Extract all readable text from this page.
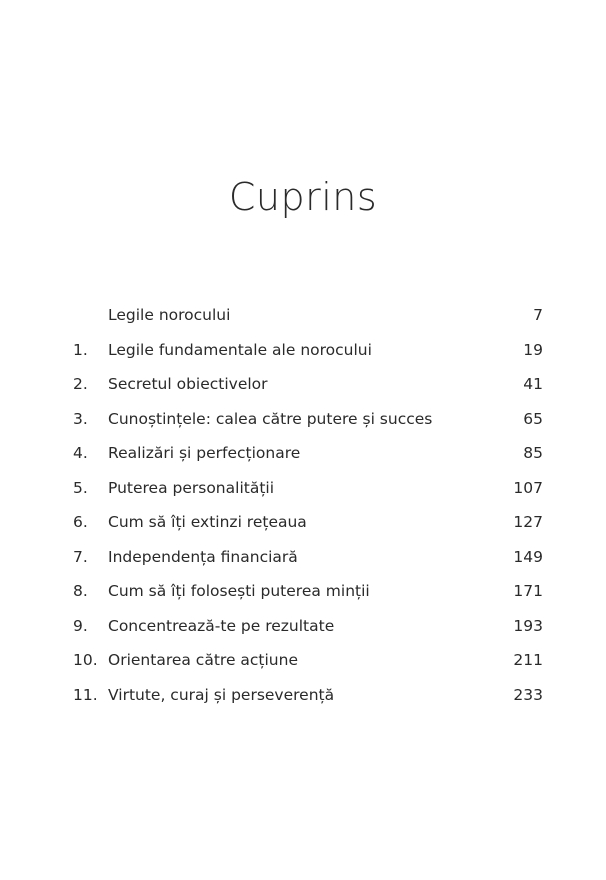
Cuprins
Legile norocului	7
1. Legile fundamentale ale norocului	19
2. Secretul obiectivelor	41
3. Cunoștințele: calea către putere și succes	65
4. Realizări și perfecționare	85
5. Puterea personalității	107
6. Cum să îți extinzi rețeaua	127
7. Independența financiară	149
8. Cum să îți folosești puterea minții	171
9. Concentrează-te pe rezultate	193
10. Orientarea către acțiune	211
11. Virtute, curaj și perseverență	233
